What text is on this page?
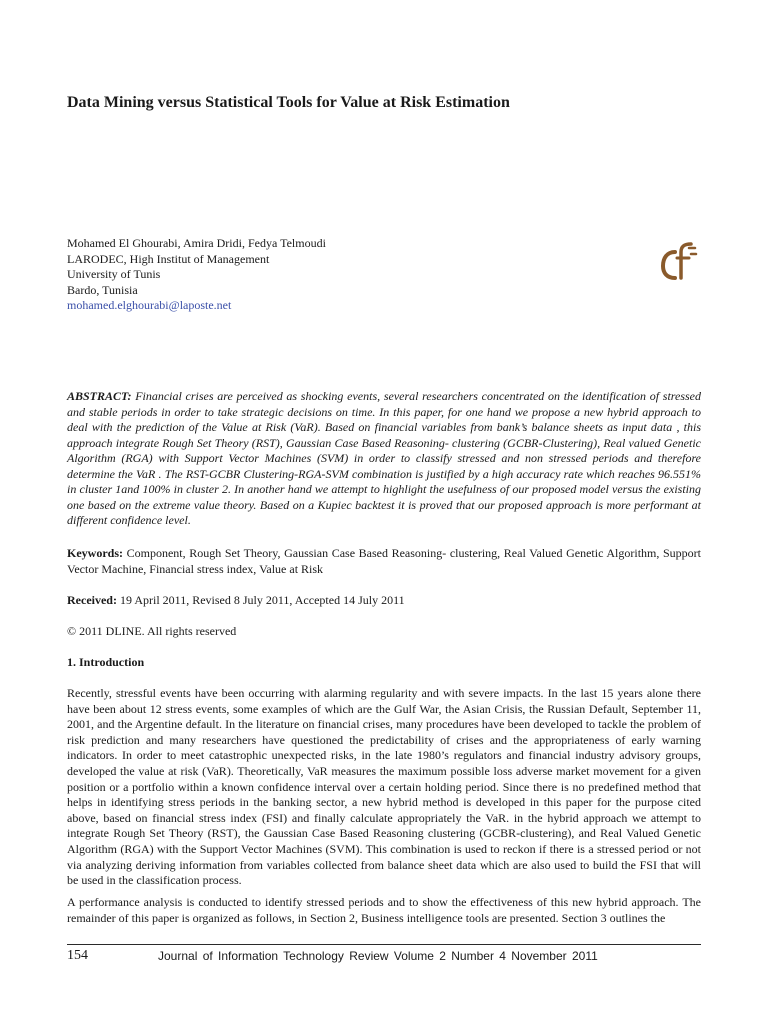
Data Mining versus Statistical Tools for Value at Risk Estimation
Mohamed El Ghourabi, Amira Dridi, Fedya Telmoudi
LARODEC, High Institut of Management
University of Tunis
Bardo, Tunisia
mohamed.elghourabi@laposte.net
cf
ABSTRACT: Financial crises are perceived as shocking events, several researchers concentrated on the identification of stressed and stable periods in order to take strategic decisions on time. In this paper, for one hand we propose a new hybrid approach to deal with the prediction of the Value at Risk (VaR). Based on financial variables from bank’s balance sheets as input data , this approach integrate Rough Set Theory (RST), Gaussian Case Based Reasoning- clustering (GCBR-Clustering), Real valued Genetic Algorithm (RGA) with Support Vector Machines (SVM) in order to classify stressed and non stressed periods and therefore determine the VaR . The RST-GCBR Clustering-RGA-SVM combination is justified by a high accuracy rate which reaches 96.551% in cluster 1and 100% in cluster 2. In another hand we attempt to highlight the usefulness of our proposed model versus the existing one based on the extreme value theory. Based on a Kupiec backtest it is proved that our proposed approach is more performant at different confidence level.
Keywords: Component, Rough Set Theory, Gaussian Case Based Reasoning- clustering, Real Valued Genetic Algorithm, Support Vector Machine, Financial stress index, Value at Risk
Received: 19 April 2011, Revised 8 July 2011, Accepted 14 July 2011
© 2011 DLINE. All rights reserved
1. Introduction
Recently, stressful events have been occurring with alarming regularity and with severe impacts. In the last 15 years alone there have been about 12 stress events, some examples of which are the Gulf War, the Asian Crisis, the Russian Default, September 11, 2001, and the Argentine default. In the literature on financial crises, many procedures have been developed to tackle the problem of risk prediction and many researchers have questioned the predictability of crises and the appropriateness of early warning indicators. In order to meet catastrophic unexpected risks, in the late 1980’s regulators and financial industry advisory groups, developed the value at risk (VaR). Theoretically, VaR measures the maximum possible loss adverse market movement for a given position or a portfolio within a known confidence interval over a certain holding period. Since there is no predefined method that helps in identifying stress periods in the banking sector, a new hybrid method is developed in this paper for the purpose cited above, based on financial stress index (FSI) and finally calculate appropriately the VaR. in the hybrid approach we attempt to integrate Rough Set Theory (RST), the Gaussian Case Based Reasoning clustering (GCBR-clustering), and Real Valued Genetic Algorithm (RGA) with the Support Vector Machines (SVM). This combination is used to reckon if there is a stressed period or not via analyzing deriving information from variables collected from balance sheet data which are also used to build the FSI that will be used in the classification process.
A performance analysis is conducted to identify stressed periods and to show the effectiveness of this new hybrid approach. The remainder of this paper is organized as follows, in Section 2, Business intelligence tools are presented. Section 3 outlines the
154	Journal of Information Technology Review Volume 2 Number 4 November 2011
